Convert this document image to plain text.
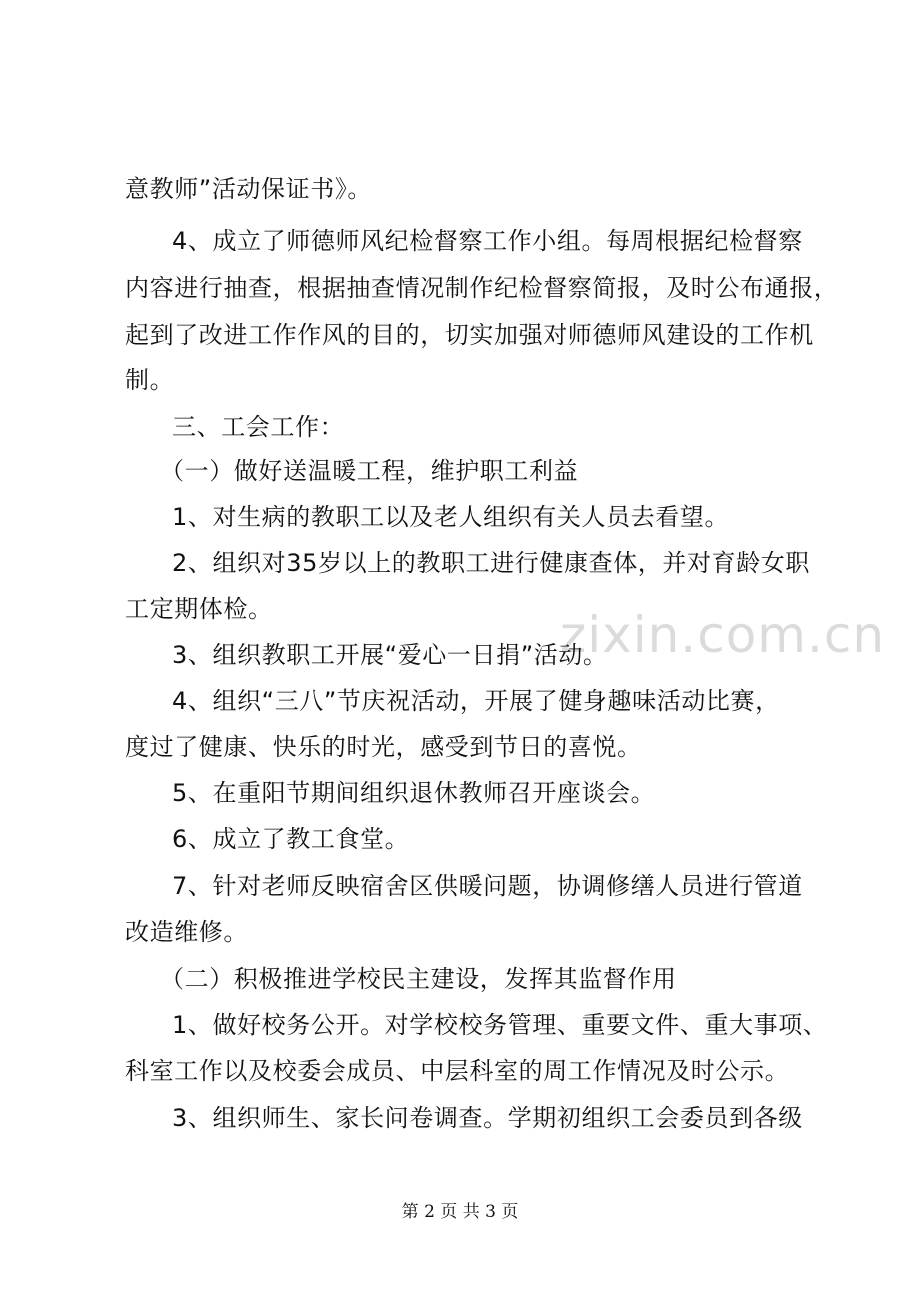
zixin.com.cn
意教师”活动保证书》。
4、成立了师德师风纪检督察工作小组。每周根据纪检督察
内容进行抽查，根据抽查情况制作纪检督察简报，及时公布通报，
起到了改进工作作风的目的，切实加强对师德师风建设的工作机
制。
三、工会工作：
（一）做好送温暖工程，维护职工利益
1、对生病的教职工以及老人组织有关人员去看望。
2、组织对35岁以上的教职工进行健康查体，并对育龄女职
工定期体检。
3、组织教职工开展“爱心一日捐”活动。
4、组织“三八”节庆祝活动，开展了健身趣味活动比赛，
度过了健康、快乐的时光，感受到节日的喜悦。
5、在重阳节期间组织退休教师召开座谈会。
6、成立了教工食堂。
7、针对老师反映宿舍区供暖问题，协调修缮人员进行管道
改造维修。
（二）积极推进学校民主建设，发挥其监督作用
1、做好校务公开。对学校校务管理、重要文件、重大事项、
科室工作以及校委会成员、中层科室的周工作情况及时公示。
3、组织师生、家长问卷调查。学期初组织工会委员到各级
第 2 页 共 3 页
